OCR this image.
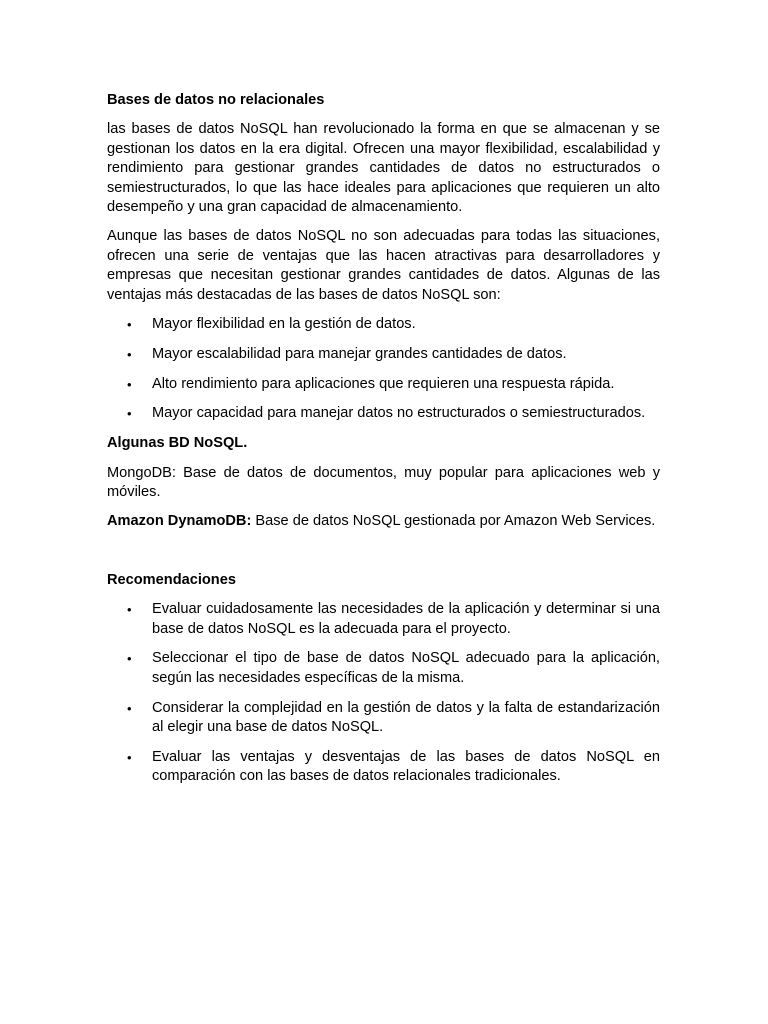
Bases de datos no relacionales

las bases de datos NoSQL han revolucionado la forma en que se almacenan y se gestionan los datos en la era digital. Ofrecen una mayor flexibilidad, escalabilidad y rendimiento para gestionar grandes cantidades de datos no estructurados o semiestructurados, lo que las hace ideales para aplicaciones que requieren un alto desempeño y una gran capacidad de almacenamiento.

Aunque las bases de datos NoSQL no son adecuadas para todas las situaciones, ofrecen una serie de ventajas que las hacen atractivas para desarrolladores y empresas que necesitan gestionar grandes cantidades de datos. Algunas de las ventajas más destacadas de las bases de datos NoSQL son:

• Mayor flexibilidad en la gestión de datos.
• Mayor escalabilidad para manejar grandes cantidades de datos.
• Alto rendimiento para aplicaciones que requieren una respuesta rápida.
• Mayor capacidad para manejar datos no estructurados o semiestructurados.
Algunas BD NoSQL.

MongoDB: Base de datos de documentos, muy popular para aplicaciones web y móviles.

Amazon DynamoDB: Base de datos NoSQL gestionada por Amazon Web Services.

Recomendaciones
• Evaluar cuidadosamente las necesidades de la aplicación y determinar si una base de datos NoSQL es la adecuada para el proyecto.
• Seleccionar el tipo de base de datos NoSQL adecuado para la aplicación, según las necesidades específicas de la misma.
• Considerar la complejidad en la gestión de datos y la falta de estandarización al elegir una base de datos NoSQL.
• Evaluar las ventajas y desventajas de las bases de datos NoSQL en comparación con las bases de datos relacionales tradicionales.
